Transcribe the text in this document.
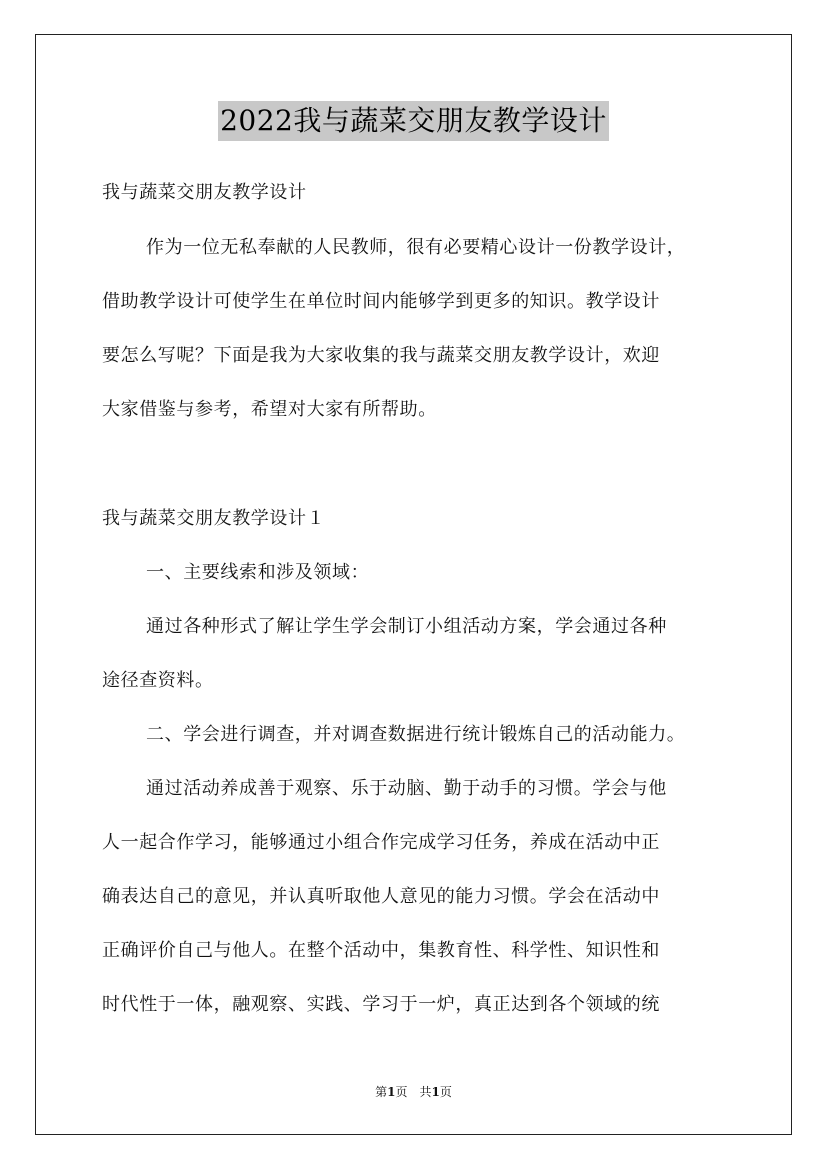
2022我与蔬菜交朋友教学设计
我与蔬菜交朋友教学设计
作为一位无私奉献的人民教师，很有必要精心设计一份教学设计，
借助教学设计可使学生在单位时间内能够学到更多的知识。教学设计
要怎么写呢？下面是我为大家收集的我与蔬菜交朋友教学设计，欢迎
大家借鉴与参考，希望对大家有所帮助。
我与蔬菜交朋友教学设计１
一、主要线索和涉及领域：
通过各种形式了解让学生学会制订小组活动方案，学会通过各种
途径查资料。
二、学会进行调查，并对调查数据进行统计锻炼自己的活动能力。
通过活动养成善于观察、乐于动脑、勤于动手的习惯。学会与他
人一起合作学习，能够通过小组合作完成学习任务，养成在活动中正
确表达自己的意见，并认真听取他人意见的能力习惯。学会在活动中
正确评价自己与他人。在整个活动中，集教育性、科学性、知识性和
时代性于一体，融观察、实践、学习于一炉，真正达到各个领域的统
第1页　共1页
